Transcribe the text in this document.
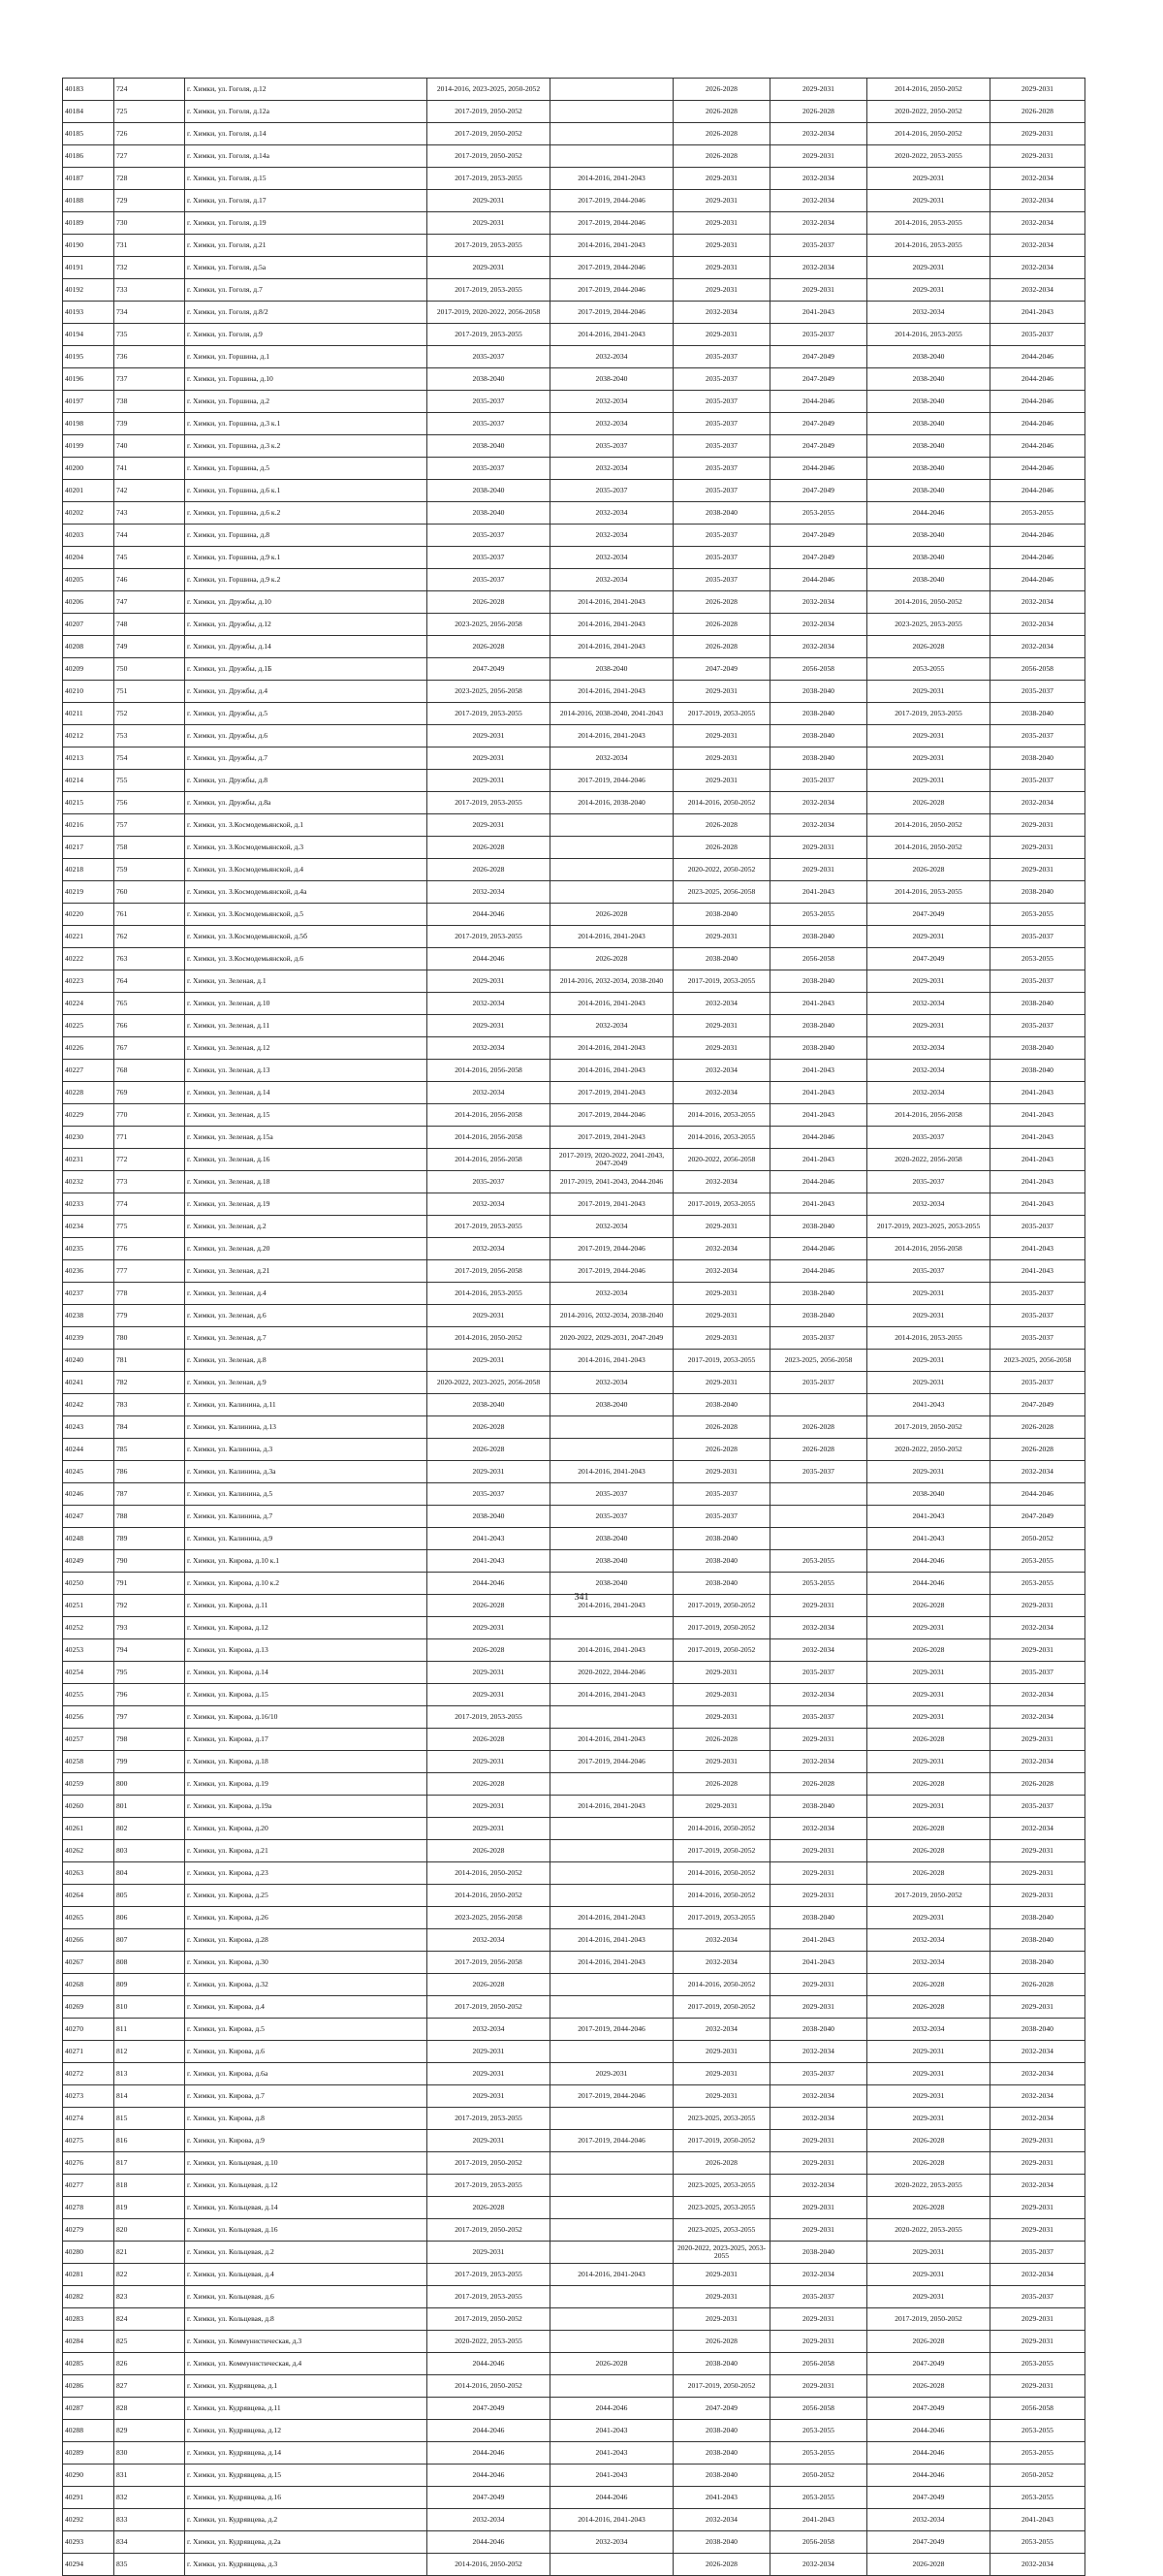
40183	724	г. Химки, ул. Гоголя, д.12	2014-2016, 2023-2025, 2050-2052		2026-2028	2029-2031	2014-2016, 2050-2052	2029-2031
40184	725	г. Химки, ул. Гоголя, д.12а	2017-2019, 2050-2052		2026-2028	2026-2028	2020-2022, 2050-2052	2026-2028
40185	726	г. Химки, ул. Гоголя, д.14	2017-2019, 2050-2052		2026-2028	2032-2034	2014-2016, 2050-2052	2029-2031
40186	727	г. Химки, ул. Гоголя, д.14а	2017-2019, 2050-2052		2026-2028	2029-2031	2020-2022, 2053-2055	2029-2031
40187	728	г. Химки, ул. Гоголя, д.15	2017-2019, 2053-2055	2014-2016, 2041-2043	2029-2031	2032-2034	2029-2031	2032-2034
40188	729	г. Химки, ул. Гоголя, д.17	2029-2031	2017-2019, 2044-2046	2029-2031	2032-2034	2029-2031	2032-2034
40189	730	г. Химки, ул. Гоголя, д.19	2029-2031	2017-2019, 2044-2046	2029-2031	2032-2034	2014-2016, 2053-2055	2032-2034
40190	731	г. Химки, ул. Гоголя, д.21	2017-2019, 2053-2055	2014-2016, 2041-2043	2029-2031	2035-2037	2014-2016, 2053-2055	2032-2034
40191	732	г. Химки, ул. Гоголя, д.5а	2029-2031	2017-2019, 2044-2046	2029-2031	2032-2034	2029-2031	2032-2034
40192	733	г. Химки, ул. Гоголя, д.7	2017-2019, 2053-2055	2017-2019, 2044-2046	2029-2031	2029-2031	2029-2031	2032-2034
40193	734	г. Химки, ул. Гоголя, д.8/2	2017-2019, 2020-2022, 2056-2058	2017-2019, 2044-2046	2032-2034	2041-2043	2032-2034	2041-2043
40194	735	г. Химки, ул. Гоголя, д.9	2017-2019, 2053-2055	2014-2016, 2041-2043	2029-2031	2035-2037	2014-2016, 2053-2055	2035-2037
40195	736	г. Химки, ул. Горшина, д.1	2035-2037	2032-2034	2035-2037	2047-2049	2038-2040	2044-2046
40196	737	г. Химки, ул. Горшина, д.10	2038-2040	2038-2040	2035-2037	2047-2049	2038-2040	2044-2046
40197	738	г. Химки, ул. Горшина, д.2	2035-2037	2032-2034	2035-2037	2044-2046	2038-2040	2044-2046
40198	739	г. Химки, ул. Горшина, д.3 к.1	2035-2037	2032-2034	2035-2037	2047-2049	2038-2040	2044-2046
40199	740	г. Химки, ул. Горшина, д.3 к.2	2038-2040	2035-2037	2035-2037	2047-2049	2038-2040	2044-2046
40200	741	г. Химки, ул. Горшина, д.5	2035-2037	2032-2034	2035-2037	2044-2046	2038-2040	2044-2046
40201	742	г. Химки, ул. Горшина, д.6 к.1	2038-2040	2035-2037	2035-2037	2047-2049	2038-2040	2044-2046
40202	743	г. Химки, ул. Горшина, д.6 к.2	2038-2040	2032-2034	2038-2040	2053-2055	2044-2046	2053-2055
40203	744	г. Химки, ул. Горшина, д.8	2035-2037	2032-2034	2035-2037	2047-2049	2038-2040	2044-2046
40204	745	г. Химки, ул. Горшина, д.9 к.1	2035-2037	2032-2034	2035-2037	2047-2049	2038-2040	2044-2046
40205	746	г. Химки, ул. Горшина, д.9 к.2	2035-2037	2032-2034	2035-2037	2044-2046	2038-2040	2044-2046
40206	747	г. Химки, ул. Дружбы, д.10	2026-2028	2014-2016, 2041-2043	2026-2028	2032-2034	2014-2016, 2050-2052	2032-2034
40207	748	г. Химки, ул. Дружбы, д.12	2023-2025, 2056-2058	2014-2016, 2041-2043	2026-2028	2032-2034	2023-2025, 2053-2055	2032-2034
40208	749	г. Химки, ул. Дружбы, д.14	2026-2028	2014-2016, 2041-2043	2026-2028	2032-2034	2026-2028	2032-2034
40209	750	г. Химки, ул. Дружбы, д.1Б	2047-2049	2038-2040	2047-2049	2056-2058	2053-2055	2056-2058
40210	751	г. Химки, ул. Дружбы, д.4	2023-2025, 2056-2058	2014-2016, 2041-2043	2029-2031	2038-2040	2029-2031	2035-2037
40211	752	г. Химки, ул. Дружбы, д.5	2017-2019, 2053-2055	2014-2016, 2038-2040, 2041-2043	2017-2019, 2053-2055	2038-2040	2017-2019, 2053-2055	2038-2040
40212	753	г. Химки, ул. Дружбы, д.6	2029-2031	2014-2016, 2041-2043	2029-2031	2038-2040	2029-2031	2035-2037
40213	754	г. Химки, ул. Дружбы, д.7	2029-2031	2032-2034	2029-2031	2038-2040	2029-2031	2038-2040
40214	755	г. Химки, ул. Дружбы, д.8	2029-2031	2017-2019, 2044-2046	2029-2031	2035-2037	2029-2031	2035-2037
40215	756	г. Химки, ул. Дружбы, д.8а	2017-2019, 2053-2055	2014-2016, 2038-2040	2014-2016, 2050-2052	2032-2034	2026-2028	2032-2034
40216	757	г. Химки, ул. З.Космодемьянской, д.1	2029-2031		2026-2028	2032-2034	2014-2016, 2050-2052	2029-2031
40217	758	г. Химки, ул. З.Космодемьянской, д.3	2026-2028		2026-2028	2029-2031	2014-2016, 2050-2052	2029-2031
40218	759	г. Химки, ул. З.Космодемьянской, д.4	2026-2028		2020-2022, 2050-2052	2029-2031	2026-2028	2029-2031
40219	760	г. Химки, ул. З.Космодемьянской, д.4а	2032-2034		2023-2025, 2056-2058	2041-2043	2014-2016, 2053-2055	2038-2040
40220	761	г. Химки, ул. З.Космодемьянской, д.5	2044-2046	2026-2028	2038-2040	2053-2055	2047-2049	2053-2055
40221	762	г. Химки, ул. З.Космодемьянской, д.5б	2017-2019, 2053-2055	2014-2016, 2041-2043	2029-2031	2038-2040	2029-2031	2035-2037
40222	763	г. Химки, ул. З.Космодемьянской, д.6	2044-2046	2026-2028	2038-2040	2056-2058	2047-2049	2053-2055
40223	764	г. Химки, ул. Зеленая, д.1	2029-2031	2014-2016, 2032-2034, 2038-2040	2017-2019, 2053-2055	2038-2040	2029-2031	2035-2037
40224	765	г. Химки, ул. Зеленая, д.10	2032-2034	2014-2016, 2041-2043	2032-2034	2041-2043	2032-2034	2038-2040
40225	766	г. Химки, ул. Зеленая, д.11	2029-2031	2032-2034	2029-2031	2038-2040	2029-2031	2035-2037
40226	767	г. Химки, ул. Зеленая, д.12	2032-2034	2014-2016, 2041-2043	2029-2031	2038-2040	2032-2034	2038-2040
40227	768	г. Химки, ул. Зеленая, д.13	2014-2016, 2056-2058	2014-2016, 2041-2043	2032-2034	2041-2043	2032-2034	2038-2040
40228	769	г. Химки, ул. Зеленая, д.14	2032-2034	2017-2019, 2041-2043	2032-2034	2041-2043	2032-2034	2041-2043
40229	770	г. Химки, ул. Зеленая, д.15	2014-2016, 2056-2058	2017-2019, 2044-2046	2014-2016, 2053-2055	2041-2043	2014-2016, 2056-2058	2041-2043
40230	771	г. Химки, ул. Зеленая, д.15а	2014-2016, 2056-2058	2017-2019, 2041-2043	2014-2016, 2053-2055	2044-2046	2035-2037	2041-2043
40231	772	г. Химки, ул. Зеленая, д.16	2014-2016, 2056-2058	2017-2019, 2020-2022, 2041-2043, 2047-2049	2020-2022, 2056-2058	2041-2043	2020-2022, 2056-2058	2041-2043
40232	773	г. Химки, ул. Зеленая, д.18	2035-2037	2017-2019, 2041-2043, 2044-2046	2032-2034	2044-2046	2035-2037	2041-2043
40233	774	г. Химки, ул. Зеленая, д.19	2032-2034	2017-2019, 2041-2043	2017-2019, 2053-2055	2041-2043	2032-2034	2041-2043
40234	775	г. Химки, ул. Зеленая, д.2	2017-2019, 2053-2055	2032-2034	2029-2031	2038-2040	2017-2019, 2023-2025, 2053-2055	2035-2037
40235	776	г. Химки, ул. Зеленая, д.20	2032-2034	2017-2019, 2044-2046	2032-2034	2044-2046	2014-2016, 2056-2058	2041-2043
40236	777	г. Химки, ул. Зеленая, д.21	2017-2019, 2056-2058	2017-2019, 2044-2046	2032-2034	2044-2046	2035-2037	2041-2043
40237	778	г. Химки, ул. Зеленая, д.4	2014-2016, 2053-2055	2032-2034	2029-2031	2038-2040	2029-2031	2035-2037
40238	779	г. Химки, ул. Зеленая, д.6	2029-2031	2014-2016, 2032-2034, 2038-2040	2029-2031	2038-2040	2029-2031	2035-2037
40239	780	г. Химки, ул. Зеленая, д.7	2014-2016, 2050-2052	2020-2022, 2029-2031, 2047-2049	2029-2031	2035-2037	2014-2016, 2053-2055	2035-2037
40240	781	г. Химки, ул. Зеленая, д.8	2029-2031	2014-2016, 2041-2043	2017-2019, 2053-2055	2023-2025, 2056-2058	2029-2031	2023-2025, 2056-2058
40241	782	г. Химки, ул. Зеленая, д.9	2020-2022, 2023-2025, 2056-2058	2032-2034	2029-2031	2035-2037	2029-2031	2035-2037
40242	783	г. Химки, ул. Калинина, д.11	2038-2040	2038-2040	2038-2040		2041-2043	2047-2049
40243	784	г. Химки, ул. Калинина, д.13	2026-2028		2026-2028	2026-2028	2017-2019, 2050-2052	2026-2028
40244	785	г. Химки, ул. Калинина, д.3	2026-2028		2026-2028	2026-2028	2020-2022, 2050-2052	2026-2028
40245	786	г. Химки, ул. Калинина, д.3а	2029-2031	2014-2016, 2041-2043	2029-2031	2035-2037	2029-2031	2032-2034
40246	787	г. Химки, ул. Калинина, д.5	2035-2037	2035-2037	2035-2037		2038-2040	2044-2046
40247	788	г. Химки, ул. Калинина, д.7	2038-2040	2035-2037	2035-2037		2041-2043	2047-2049
40248	789	г. Химки, ул. Калинина, д.9	2041-2043	2038-2040	2038-2040		2041-2043	2050-2052
40249	790	г. Химки, ул. Кирова, д.10 к.1	2041-2043	2038-2040	2038-2040	2053-2055	2044-2046	2053-2055
40250	791	г. Химки, ул. Кирова, д.10 к.2	2044-2046	2038-2040	2038-2040	2053-2055	2044-2046	2053-2055
40251	792	г. Химки, ул. Кирова, д.11	2026-2028	2014-2016, 2041-2043	2017-2019, 2050-2052	2029-2031	2026-2028	2029-2031
40252	793	г. Химки, ул. Кирова, д.12	2029-2031		2017-2019, 2050-2052	2032-2034	2029-2031	2032-2034
40253	794	г. Химки, ул. Кирова, д.13	2026-2028	2014-2016, 2041-2043	2017-2019, 2050-2052	2032-2034	2026-2028	2029-2031
40254	795	г. Химки, ул. Кирова, д.14	2029-2031	2020-2022, 2044-2046	2029-2031	2035-2037	2029-2031	2035-2037
40255	796	г. Химки, ул. Кирова, д.15	2029-2031	2014-2016, 2041-2043	2029-2031	2032-2034	2029-2031	2032-2034
40256	797	г. Химки, ул. Кирова, д.16/10	2017-2019, 2053-2055		2029-2031	2035-2037	2029-2031	2032-2034
40257	798	г. Химки, ул. Кирова, д.17	2026-2028	2014-2016, 2041-2043	2026-2028	2029-2031	2026-2028	2029-2031
40258	799	г. Химки, ул. Кирова, д.18	2029-2031	2017-2019, 2044-2046	2029-2031	2032-2034	2029-2031	2032-2034
40259	800	г. Химки, ул. Кирова, д.19	2026-2028		2026-2028	2026-2028	2026-2028	2026-2028
40260	801	г. Химки, ул. Кирова, д.19а	2029-2031	2014-2016, 2041-2043	2029-2031	2038-2040	2029-2031	2035-2037
40261	802	г. Химки, ул. Кирова, д.20	2029-2031		2014-2016, 2050-2052	2032-2034	2026-2028	2032-2034
40262	803	г. Химки, ул. Кирова, д.21	2026-2028		2017-2019, 2050-2052	2029-2031	2026-2028	2029-2031
40263	804	г. Химки, ул. Кирова, д.23	2014-2016, 2050-2052		2014-2016, 2050-2052	2029-2031	2026-2028	2029-2031
40264	805	г. Химки, ул. Кирова, д.25	2014-2016, 2050-2052		2014-2016, 2050-2052	2029-2031	2017-2019, 2050-2052	2029-2031
40265	806	г. Химки, ул. Кирова, д.26	2023-2025, 2056-2058	2014-2016, 2041-2043	2017-2019, 2053-2055	2038-2040	2029-2031	2038-2040
40266	807	г. Химки, ул. Кирова, д.28	2032-2034	2014-2016, 2041-2043	2032-2034	2041-2043	2032-2034	2038-2040
40267	808	г. Химки, ул. Кирова, д.30	2017-2019, 2056-2058	2014-2016, 2041-2043	2032-2034	2041-2043	2032-2034	2038-2040
40268	809	г. Химки, ул. Кирова, д.32	2026-2028		2014-2016, 2050-2052	2029-2031	2026-2028	2026-2028
40269	810	г. Химки, ул. Кирова, д.4	2017-2019, 2050-2052		2017-2019, 2050-2052	2029-2031	2026-2028	2029-2031
40270	811	г. Химки, ул. Кирова, д.5	2032-2034	2017-2019, 2044-2046	2032-2034	2038-2040	2032-2034	2038-2040
40271	812	г. Химки, ул. Кирова, д.6	2029-2031		2029-2031	2032-2034	2029-2031	2032-2034
40272	813	г. Химки, ул. Кирова, д.6а	2029-2031	2029-2031	2029-2031	2035-2037	2029-2031	2032-2034
40273	814	г. Химки, ул. Кирова, д.7	2029-2031	2017-2019, 2044-2046	2029-2031	2032-2034	2029-2031	2032-2034
40274	815	г. Химки, ул. Кирова, д.8	2017-2019, 2053-2055		2023-2025, 2053-2055	2032-2034	2029-2031	2032-2034
40275	816	г. Химки, ул. Кирова, д.9	2029-2031	2017-2019, 2044-2046	2017-2019, 2050-2052	2029-2031	2026-2028	2029-2031
40276	817	г. Химки, ул. Кольцевая, д.10	2017-2019, 2050-2052		2026-2028	2029-2031	2026-2028	2029-2031
40277	818	г. Химки, ул. Кольцевая, д.12	2017-2019, 2053-2055		2023-2025, 2053-2055	2032-2034	2020-2022, 2053-2055	2032-2034
40278	819	г. Химки, ул. Кольцевая, д.14	2026-2028		2023-2025, 2053-2055	2029-2031	2026-2028	2029-2031
40279	820	г. Химки, ул. Кольцевая, д.16	2017-2019, 2050-2052		2023-2025, 2053-2055	2029-2031	2020-2022, 2053-2055	2029-2031
40280	821	г. Химки, ул. Кольцевая, д.2	2029-2031		2020-2022, 2023-2025, 2053-2055	2038-2040	2029-2031	2035-2037
40281	822	г. Химки, ул. Кольцевая, д.4	2017-2019, 2053-2055	2014-2016, 2041-2043	2029-2031	2032-2034	2029-2031	2032-2034
40282	823	г. Химки, ул. Кольцевая, д.6	2017-2019, 2053-2055		2029-2031	2035-2037	2029-2031	2035-2037
40283	824	г. Химки, ул. Кольцевая, д.8	2017-2019, 2050-2052		2029-2031	2029-2031	2017-2019, 2050-2052	2029-2031
40284	825	г. Химки, ул. Коммунистическая, д.3	2020-2022, 2053-2055		2026-2028	2029-2031	2026-2028	2029-2031
40285	826	г. Химки, ул. Коммунистическая, д.4	2044-2046	2026-2028	2038-2040	2056-2058	2047-2049	2053-2055
40286	827	г. Химки, ул. Кудрявцева, д.1	2014-2016, 2050-2052		2017-2019, 2050-2052	2029-2031	2026-2028	2029-2031
40287	828	г. Химки, ул. Кудрявцева, д.11	2047-2049	2044-2046	2047-2049	2056-2058	2047-2049	2056-2058
40288	829	г. Химки, ул. Кудрявцева, д.12	2044-2046	2041-2043	2038-2040	2053-2055	2044-2046	2053-2055
40289	830	г. Химки, ул. Кудрявцева, д.14	2044-2046	2041-2043	2038-2040	2053-2055	2044-2046	2053-2055
40290	831	г. Химки, ул. Кудрявцева, д.15	2044-2046	2041-2043	2038-2040	2050-2052	2044-2046	2050-2052
40291	832	г. Химки, ул. Кудрявцева, д.16	2047-2049	2044-2046	2041-2043	2053-2055	2047-2049	2053-2055
40292	833	г. Химки, ул. Кудрявцева, д.2	2032-2034	2014-2016, 2041-2043	2032-2034	2041-2043	2032-2034	2041-2043
40293	834	г. Химки, ул. Кудрявцева, д.2а	2044-2046	2032-2034	2038-2040	2056-2058	2047-2049	2053-2055
40294	835	г. Химки, ул. Кудрявцева, д.3	2014-2016, 2050-2052		2026-2028	2032-2034	2026-2028	2032-2034
341
